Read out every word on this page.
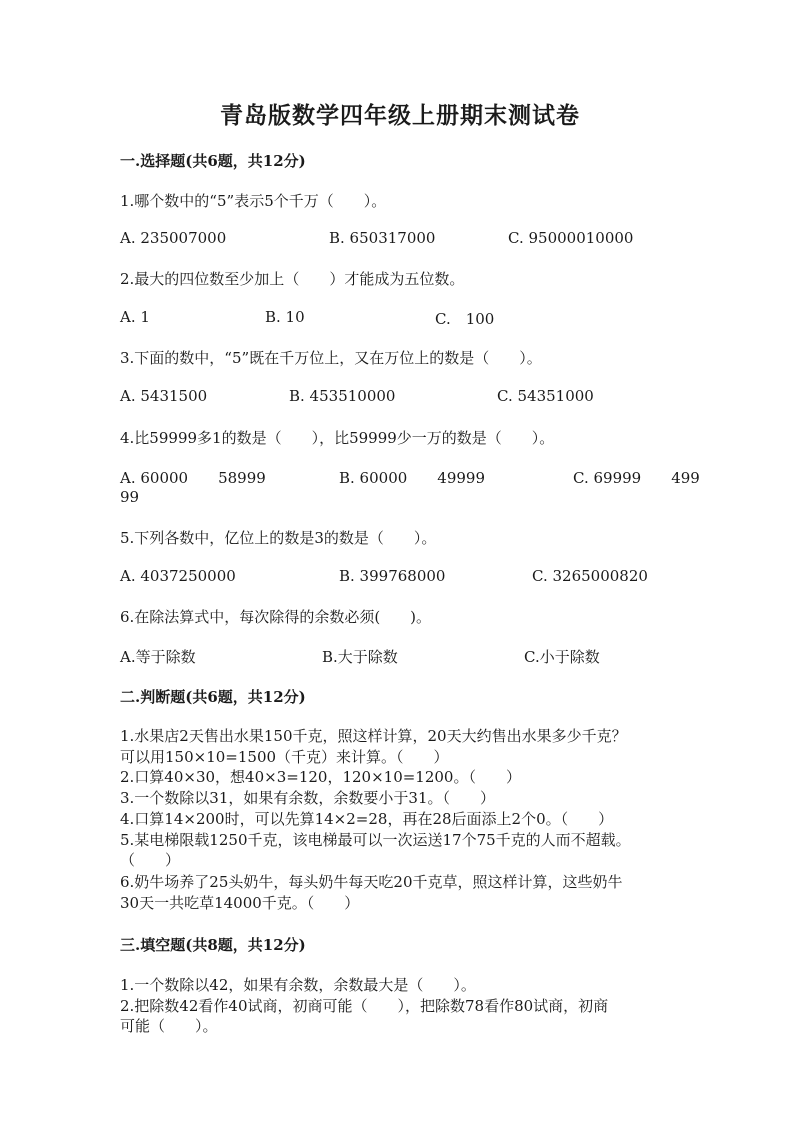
青岛版数学四年级上册期末测试卷
一.选择题(共6题，共12分)
1.哪个数中的“5”表示5个千万（　　）。
A. 235007000	B. 650317000	C. 95000010000
2.最大的四位数至少加上（　　）才能成为五位数。
A. 1	B. 10	C.　100
3.下面的数中，“5”既在千万位上，又在万位上的数是（　　）。
A. 5431500	B. 453510000	C. 54351000
4.比59999多1的数是（　　），比59999少一万的数是（　　）。
A. 60000　　58999	B. 60000　　49999	C. 69999　　499
99
5.下列各数中，亿位上的数是3的数是（　　）。
A. 4037250000	B. 399768000	C. 3265000820
6.在除法算式中，每次除得的余数必须(　　)。
A.等于除数	B.大于除数	C.小于除数
二.判断题(共6题，共12分)
1.水果店2天售出水果150千克，照这样计算，20天大约售出水果多少千克？
可以用150×10=1500（千克）来计算。（　　）
2.口算40×30，想40×3=120，120×10=1200。（　　）
3.一个数除以31，如果有余数，余数要小于31。（　　）
4.口算14×200时，可以先算14×2=28，再在28后面添上2个0。（　　）
5.某电梯限载1250千克，该电梯最可以一次运送17个75千克的人而不超载。
（　　）
6.奶牛场养了25头奶牛，每头奶牛每天吃20千克草，照这样计算，这些奶牛
30天一共吃草14000千克。（　　）
三.填空题(共8题，共12分)
1.一个数除以42，如果有余数，余数最大是（　　）。
2.把除数42看作40试商，初商可能（　　），把除数78看作80试商，初商
可能（　　）。
